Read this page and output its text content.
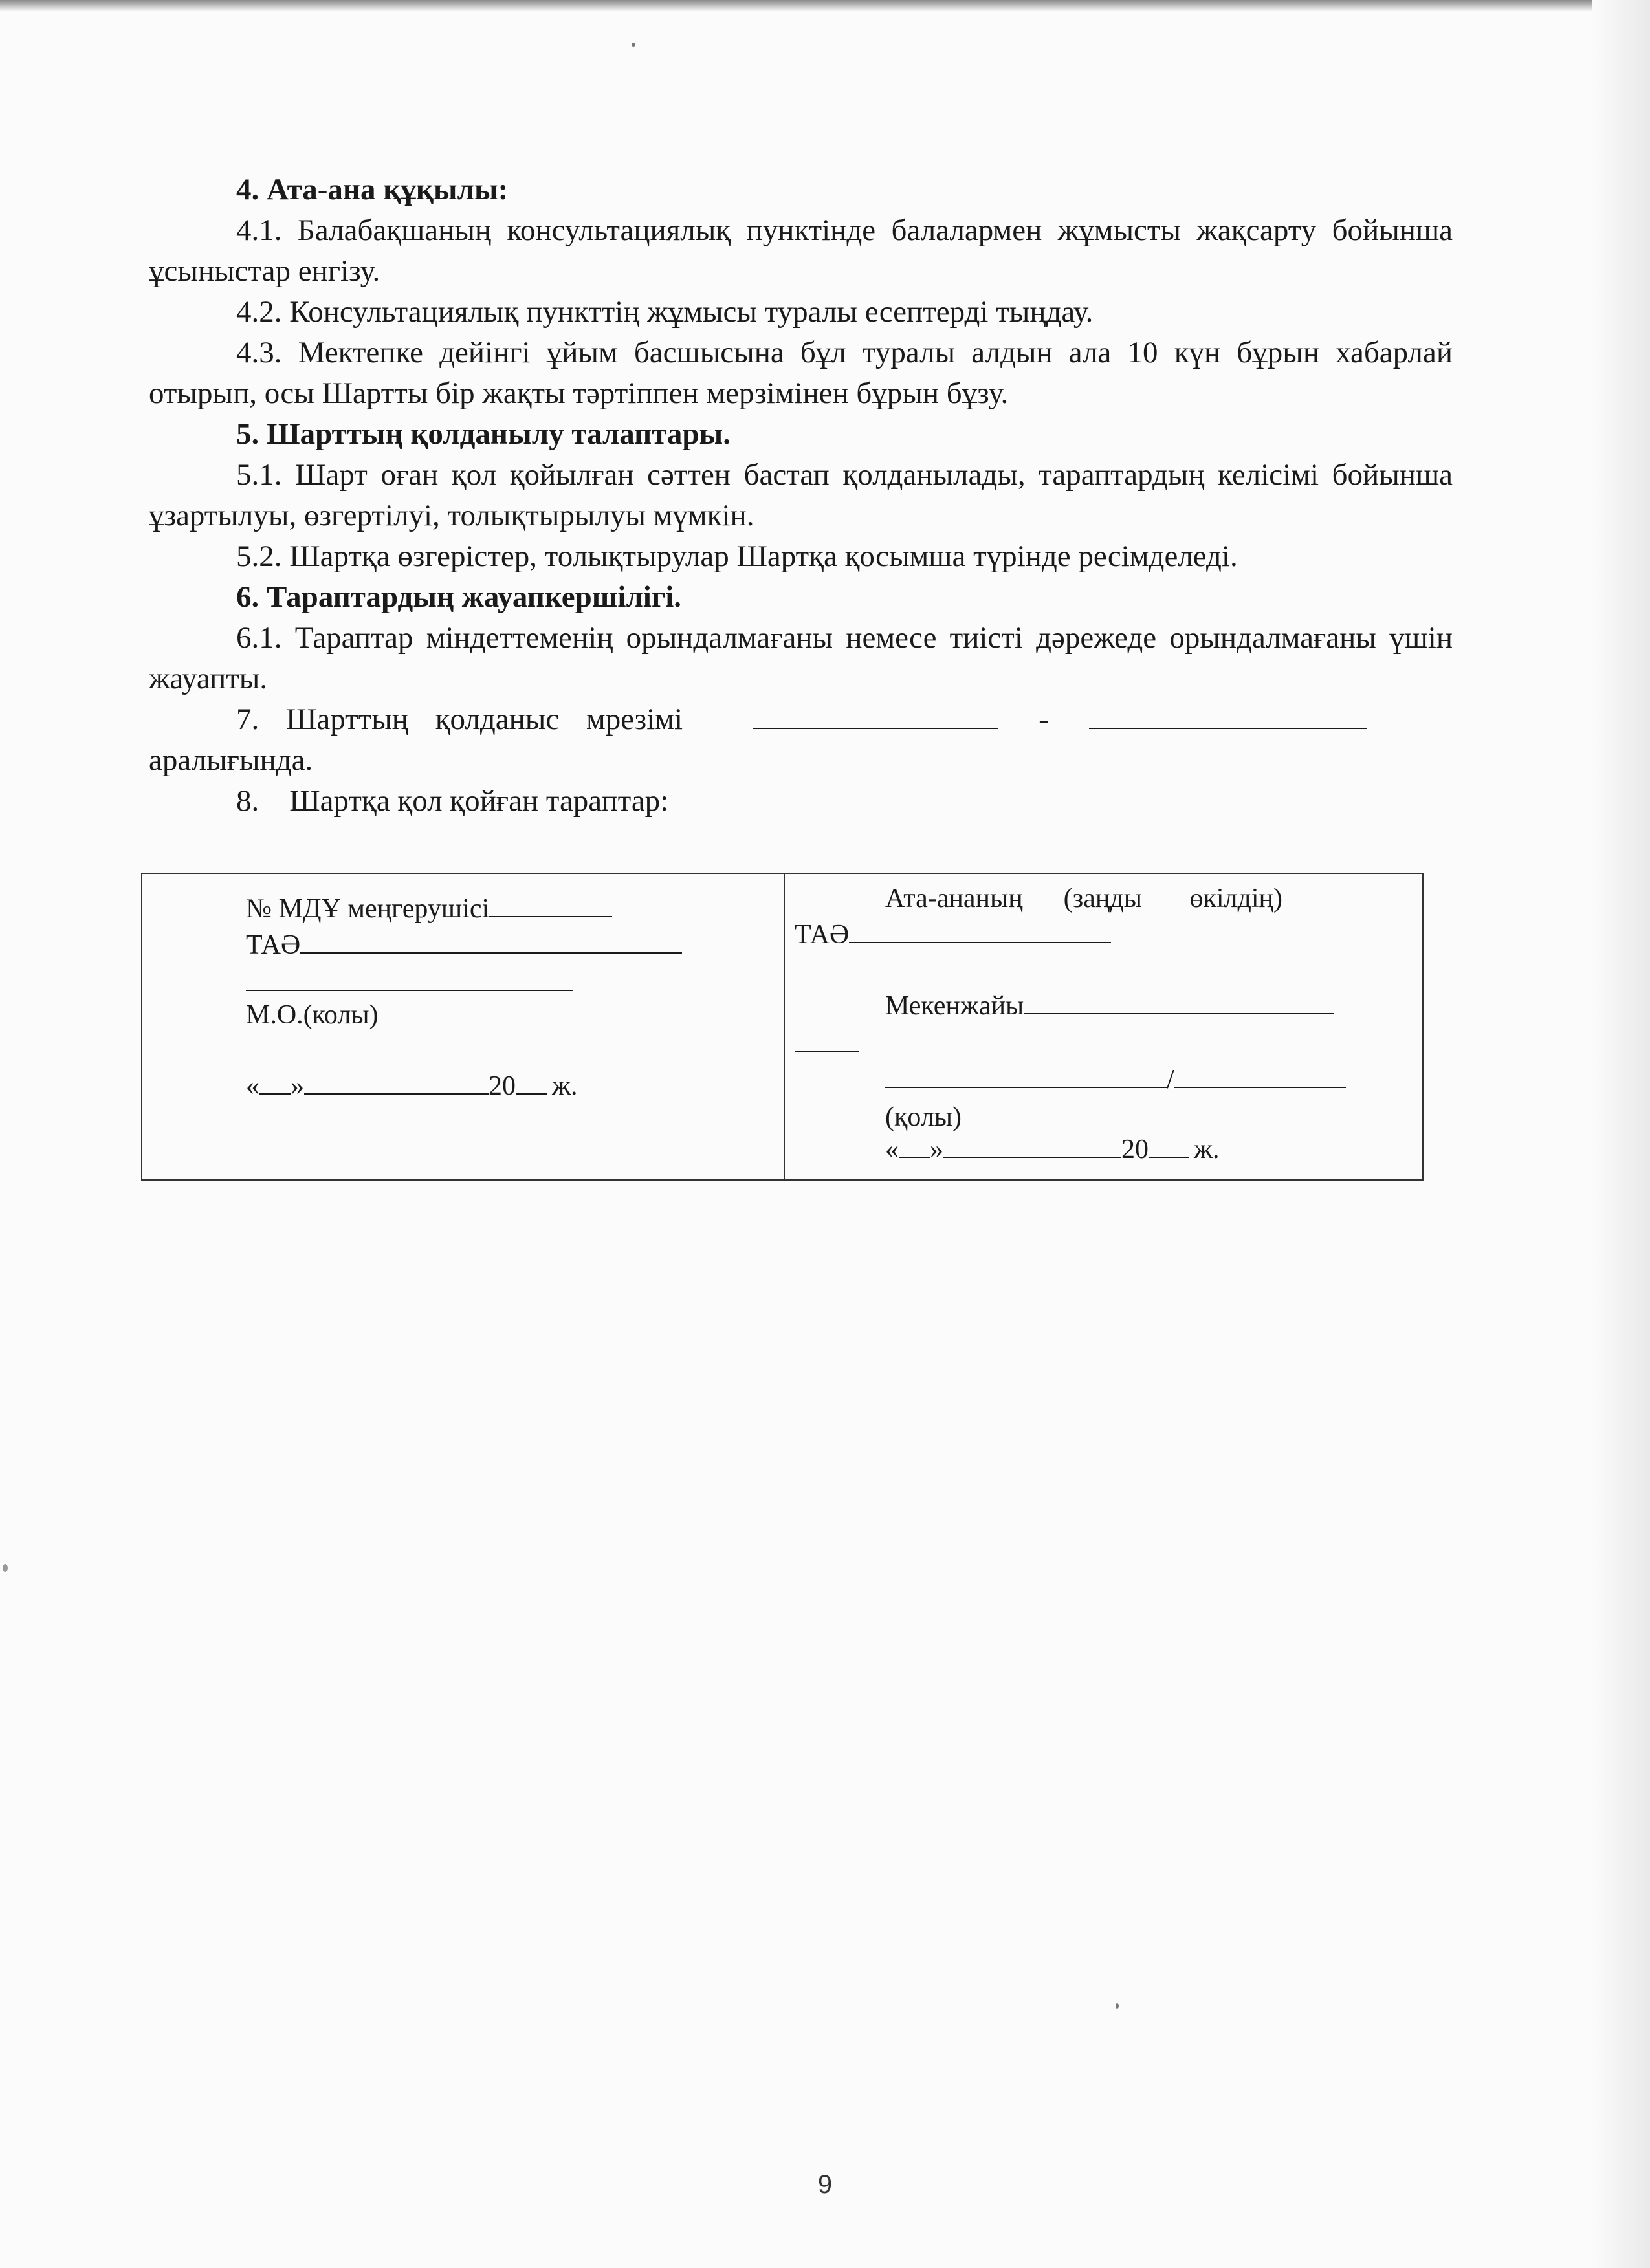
4. Ата-ана құқылы:

4.1. Балабақшаның консультациялық пунктінде балалармен жұмысты жақсарту бойынша ұсыныстар енгізу.

4.2. Консультациялық пункттің жұмысы туралы есептерді тыңдау.

4.3. Мектепке дейінгі ұйым басшысына бұл туралы алдын ала 10 күн бұрын хабарлай отырып, осы Шартты бір жақты тәртіппен мерзімінен бұрын бұзу.

5. Шарттың қолданылу талаптары.

5.1. Шарт оған қол қойылған сәттен бастап қолданылады, тараптардың келісімі бойынша ұзартылуы, өзгертілуі, толықтырылуы мүмкін.

5.2. Шартқа өзгерістер, толықтырулар Шартқа қосымша түрінде ресімделеді.

6. Тараптардың жауапкершілігі.

6.1. Тараптар міндеттеменің орындалмағаны немесе тиісті дәрежеде орындалмағаны үшін жауапты.

7. Шарттың қолданыс мрезімі	-

аралығында.

8.    Шартқа қол қойған тараптар:

№ МДҰ меңгерушісі
ТАӘ
М.О.(колы)
« »	20 ж.
Ата-ананың      (заңды       өкілдің)
ТАӘ
Мекенжайы
/
(қолы)
« »	20 ж.
9
